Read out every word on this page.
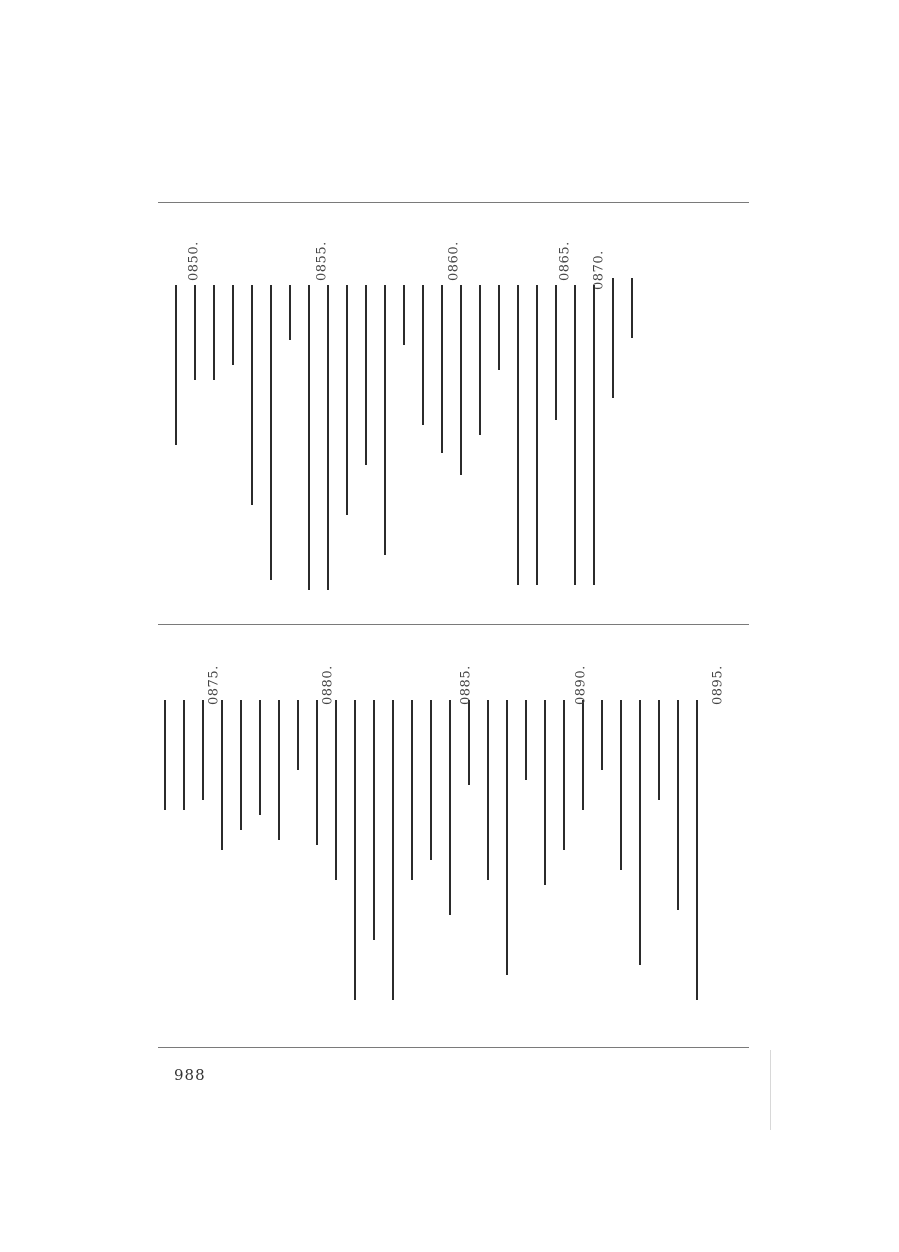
0870.
0865.
0860.
0855.
0850.
0895.
0890.
0885.
0880.
0875.
988
